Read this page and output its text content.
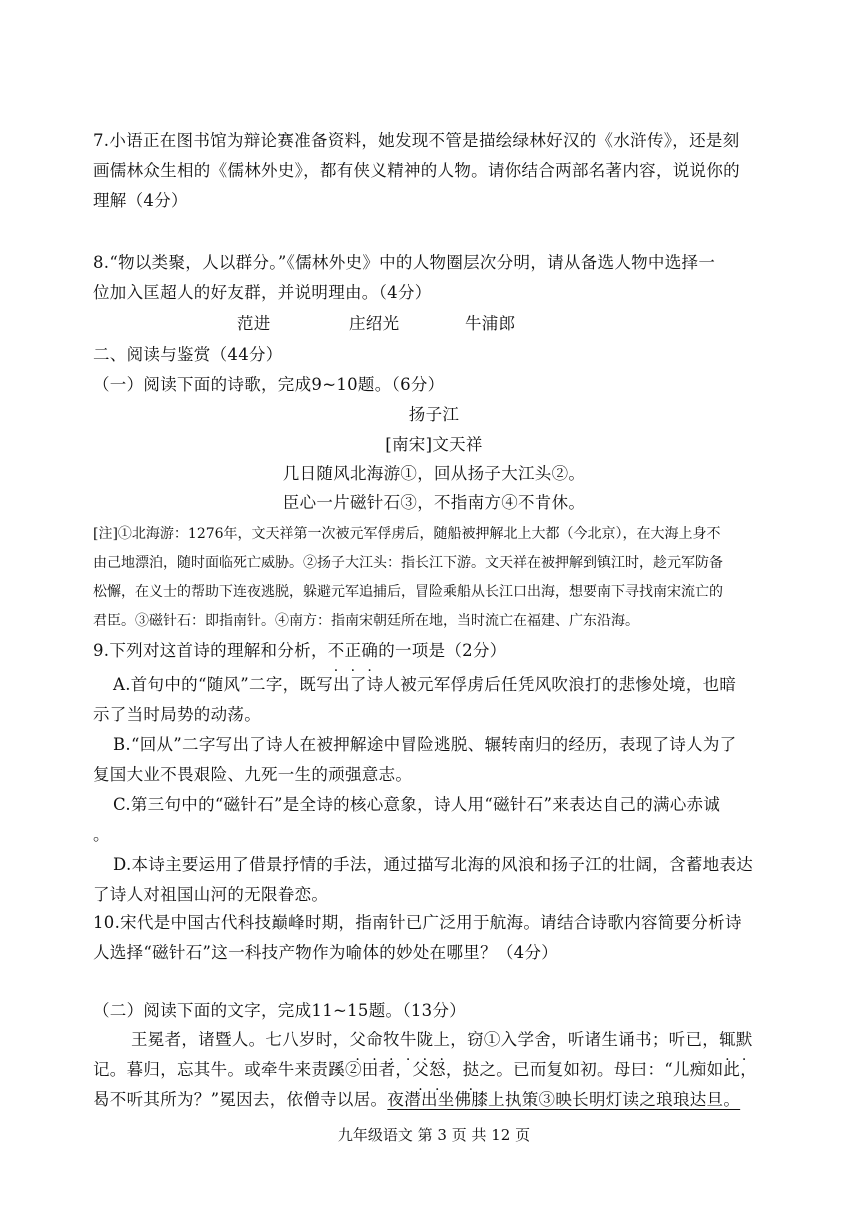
7.小语正在图书馆为辩论赛准备资料，她发现不管是描绘绿林好汉的《水浒传》，还是刻
画儒林众生相的《儒林外史》，都有侠义精神的人物。请你结合两部名著内容，说说你的
理解（4分）
8.“物以类聚，人以群分。”《儒林外史》中的人物圈层次分明，请从备选人物中选择一
位加入匡超人的好友群，并说明理由。（4分）
范进	庄绍光	牛浦郎
二、阅读与鉴赏（44分）
（一）阅读下面的诗歌，完成9~10题。（6分）
扬子江
[南宋]文天祥
几日随风北海游①，回从扬子大江头②。
臣心一片磁针石③，不指南方④不肯休。
[注]①北海游：1276年，文天祥第一次被元军俘虏后，随船被押解北上大都（今北京），在大海上身不
由己地漂泊，随时面临死亡威胁。②扬子大江头：指长江下游。文天祥在被押解到镇江时，趁元军防备
松懈，在义士的帮助下连夜逃脱，躲避元军追捕后，冒险乘船从长江口出海，想要南下寻找南宋流亡的
君臣。③磁针石：即指南针。④南方：指南宋朝廷所在地，当时流亡在福建、广东沿海。
9.下列对这首诗的理解和分析，不正确的一项是（2分）
A.首句中的“随风”二字，既写出了诗人被元军俘虏后任凭风吹浪打的悲惨处境，也暗
示了当时局势的动荡。
B.“回从”二字写出了诗人在被押解途中冒险逃脱、辗转南归的经历，表现了诗人为了
复国大业不畏艰险、九死一生的顽强意志。
C.第三句中的“磁针石”是全诗的核心意象，诗人用“磁针石”来表达自己的满心赤诚
。
D.本诗主要运用了借景抒情的手法，通过描写北海的风浪和扬子江的壮阔，含蓄地表达
了诗人对祖国山河的无限眷恋。
10.宋代是中国古代科技巅峰时期，指南针已广泛用于航海。请结合诗歌内容简要分析诗
人选择“磁针石”这一科技产物作为喻体的妙处在哪里？（4分）
（二）阅读下面的文字，完成11~15题。（13分）
王冕者，诸暨人。七八岁时，父命牧牛陇上，窃①入学舍，听诸生诵书；听已，辄默
记。暮归，忘其牛。或牵牛来责蹊②田者，父怒，挞之。已而复如初。母曰：“儿痴如此，
曷不听其所为？”冕因去，依僧寺以居。夜潜出坐佛膝上执策③映长明灯读之琅琅达旦。
九年级语文 第 3 页 共 12 页
